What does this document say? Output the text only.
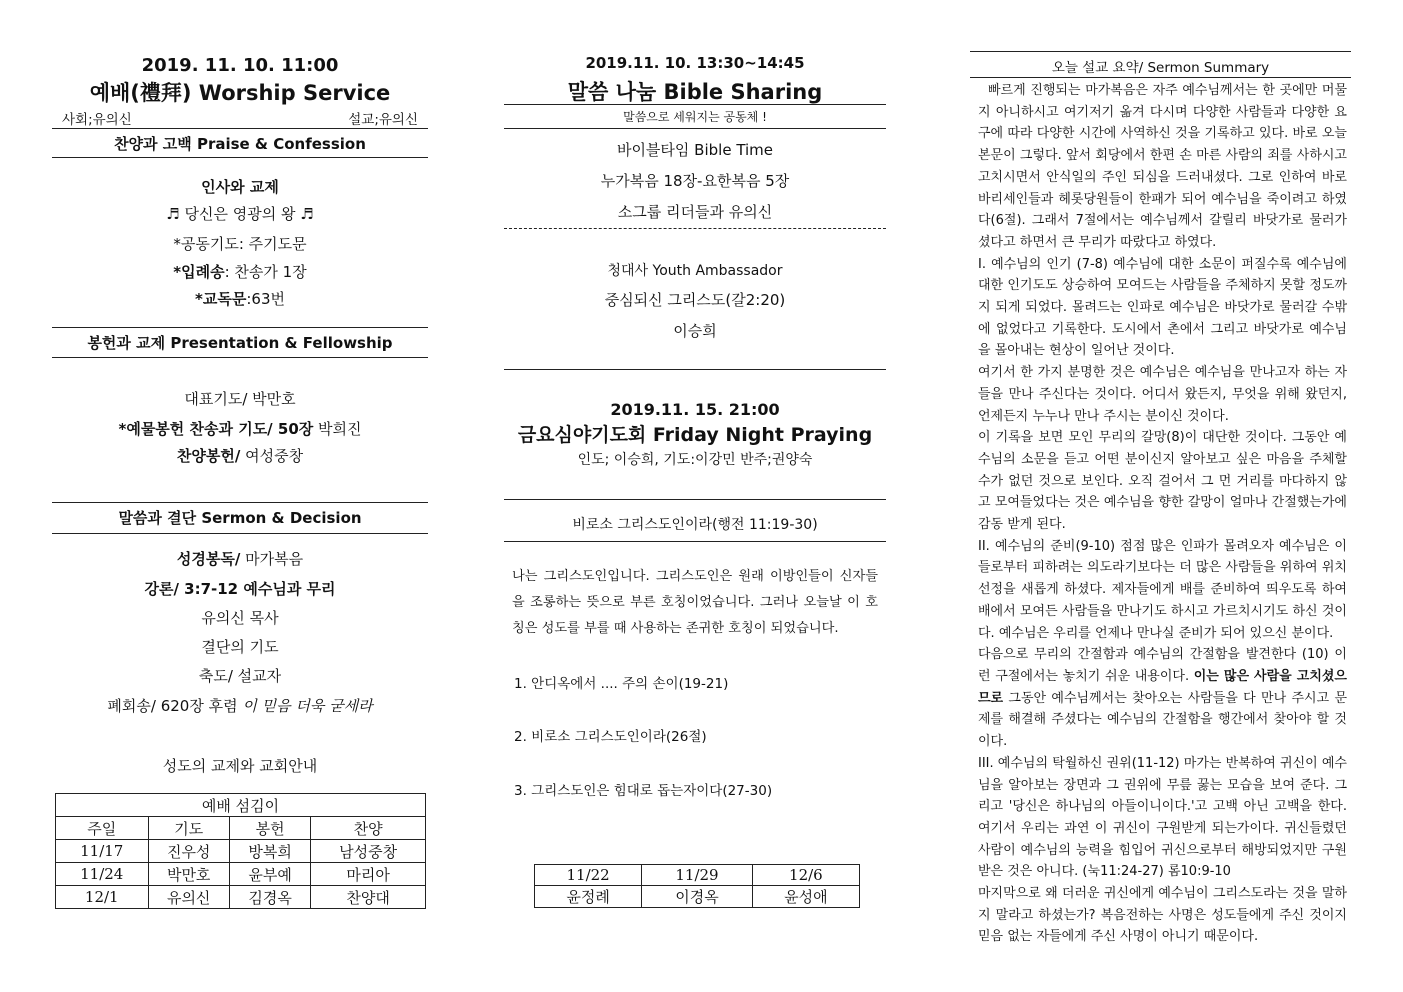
2019. 11. 10. 11:00
예배(禮拜) Worship Service
사회;유의신	설교;유의신
찬양과 고백 Praise & Confession
인사와 교제
♬ 당신은 영광의 왕 ♬
*공동기도: 주기도문
*입례송: 찬송가 1장
*교독문:63번
봉헌과 교제 Presentation & Fellowship
대표기도/ 박만호
*예물봉헌 찬송과 기도/ 50장 박희진
찬양봉헌/ 여성중창
말씀과 결단 Sermon & Decision
성경봉독/ 마가복음
강론/ 3:7-12 예수님과 무리
유의신 목사
결단의 기도
축도/ 설교자
폐회송/ 620장 후렴 이 믿음 더욱 굳세라
성도의 교제와 교회안내
예배 섬김이			
주일	기도	봉헌	찬양
11/17	진우성	방복희	남성중창
11/24	박만호	윤부예	마리아
12/1	유의신	김경옥	찬양대
2019.11. 10. 13:30~14:45
말씀 나눔 Bible Sharing
말씀으로 세워지는 공동체 !
바이블타임 Bible Time
누가복음 18장-요한복음 5장
소그룹 리더들과 유의신
청대사 Youth Ambassador
중심되신 그리스도(갈2:20)
이승희
2019.11. 15. 21:00
금요심야기도회 Friday Night Praying
인도; 이승희, 기도:이강민 반주;권양숙
비로소 그리스도인이라(행전 11:19-30)
나는 그리스도인입니다. 그리스도인은 원래 이방인들이 신자들을 조롱하는 뜻으로 부른 호칭이었습니다. 그러나 오늘날 이 호칭은 성도를 부를 때 사용하는 존귀한 호칭이 되었습니다.
1. 안디옥에서 .... 주의 손이(19-21)
2. 비로소 그리스도인이라(26절)
3. 그리스도인은 힘대로 돕는자이다(27-30)
11/22	11/29	12/6
윤정례	이경옥	윤성애
오늘 설교 요약/ Sermon Summary

빠르게 진행되는 마가복음은 자주 예수님께서는 한 곳에만 머물지 아니하시고 여기저기 옮겨 다시며 다양한 사람들과 다양한 요구에 따라 다양한 시간에 사역하신 것을 기록하고 있다. 바로 오늘 본문이 그렇다. 앞서 회당에서 한편 손 마른 사람의 죄를 사하시고 고치시면서 안식일의 주인 되심을 드러내셨다. 그로 인하여 바로 바리세인들과 헤롯당원들이 한패가 되어 예수님을 죽이려고 하였다(6절). 그래서 7절에서는 예수님께서 갈릴리 바닷가로 물러가셨다고 하면서 큰 무리가 따랐다고 하였다.

I. 예수님의 인기 (7-8) 예수님에 대한 소문이 퍼질수록 예수님에 대한 인기도도 상승하여 모여드는 사람들을 주체하지 못할 정도까지 되게 되었다. 몰려드는 인파로 예수님은 바닷가로 물러갈 수밖에 없었다고 기록한다. 도시에서 촌에서 그리고 바닷가로 예수님을 몰아내는 현상이 일어난 것이다.

여기서 한 가지 분명한 것은 예수님은 예수님을 만나고자 하는 자들을 만나 주신다는 것이다. 어디서 왔든지, 무엇을 위해 왔던지, 언제든지 누누나 만나 주시는 분이신 것이다.

이 기록을 보면 모인 무리의 갈망(8)이 대단한 것이다. 그동안 예수님의 소문을 듣고 어떤 분이신지 알아보고 싶은 마음을 주체할 수가 없던 것으로 보인다. 오직 걸어서 그 먼 거리를 마다하지 않고 모여들었다는 것은 예수님을 향한 갈망이 얼마나 간절했는가에 감동 받게 된다.

II. 예수님의 준비(9-10) 점점 많은 인파가 몰려오자 예수님은 이들로부터 피하려는 의도라기보다는 더 많은 사람들을 위하여 위치선정을 새롭게 하셨다. 제자들에게 배를 준비하여 띄우도록 하여 배에서 모여든 사람들을 만나기도 하시고 가르치시기도 하신 것이다. 예수님은 우리를 언제나 만나실 준비가 되어 있으신 분이다.

다음으로 무리의 간절함과 예수님의 간절함을 발견한다 (10) 이런 구절에서는 놓치기 쉬운 내용이다. 이는 많은 사람을 고치셨으므로 그동안 예수님께서는 찾아오는 사람들을 다 만나 주시고 문제를 해결해 주셨다는 예수님의 간절함을 행간에서 찾아야 할 것이다.

III. 예수님의 탁월하신 권위(11-12) 마가는 반복하여 귀신이 예수님을 알아보는 장면과 그 권위에 무릎 꿇는 모습을 보여 준다. 그리고 '당신은 하나님의 아들이니이다.'고 고백 아닌 고백을 한다. 여기서 우리는 과연 이 귀신이 구원받게 되는가이다. 귀신들렸던 사람이 예수님의 능력을 힘입어 귀신으로부터 해방되었지만 구원받은 것은 아니다. (눅11:24-27) 롬10:9-10

마지막으로 왜 더러운 귀신에게 예수님이 그리스도라는 것을 말하지 말라고 하셨는가? 복음전하는 사명은 성도들에게 주신 것이지 믿음 없는 자들에게 주신 사명이 아니기 때문이다.
